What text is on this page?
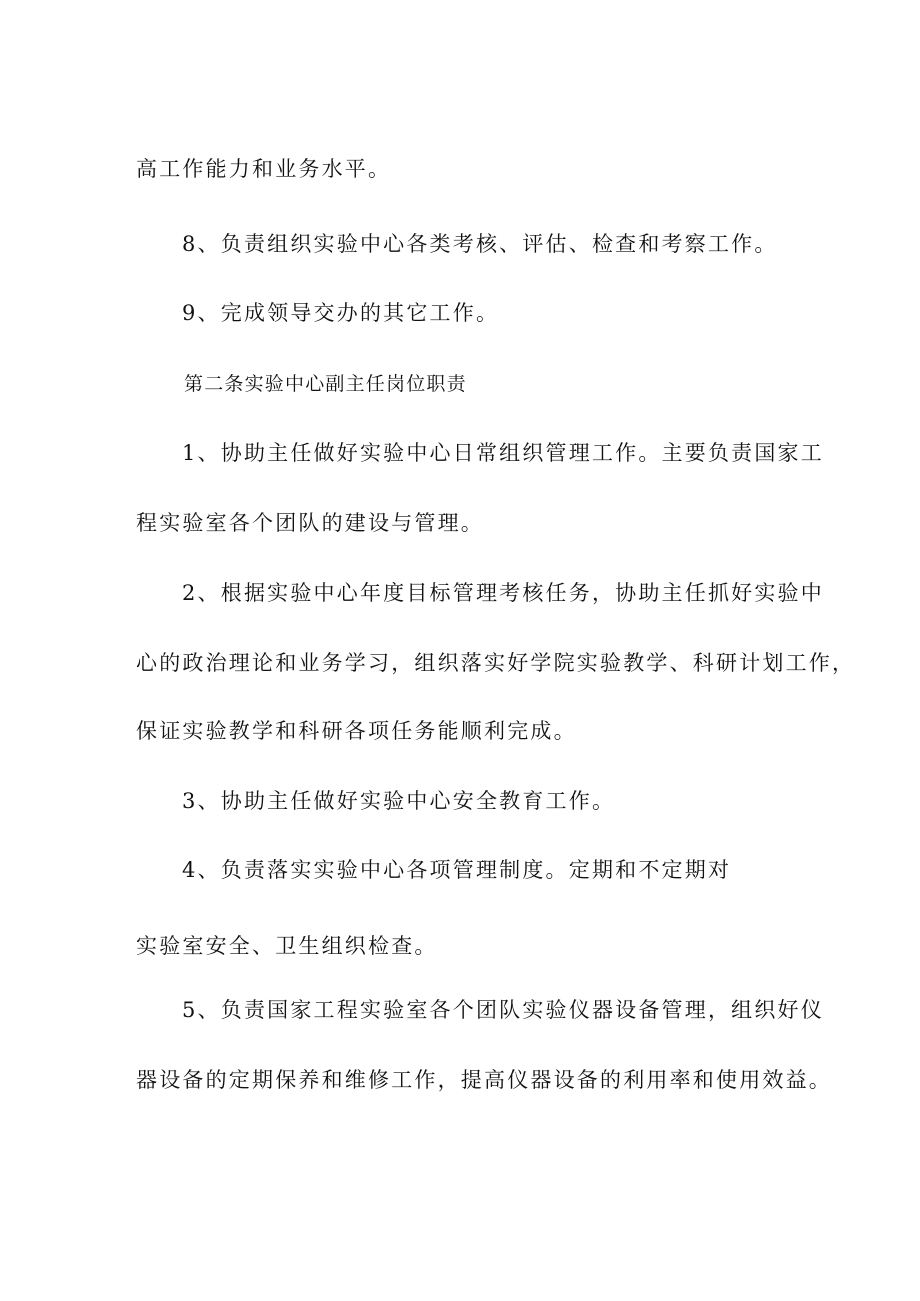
高工作能力和业务水平。
8、负责组织实验中心各类考核、评估、检查和考察工作。
9、完成领导交办的其它工作。
第二条实验中心副主任岗位职责
1、协助主任做好实验中心日常组织管理工作。主要负责国家工
程实验室各个团队的建设与管理。
2、根据实验中心年度目标管理考核任务，协助主任抓好实验中
心的政治理论和业务学习，组织落实好学院实验教学、科研计划工作，
保证实验教学和科研各项任务能顺利完成。
3、协助主任做好实验中心安全教育工作。
4、负责落实实验中心各项管理制度。定期和不定期对
实验室安全、卫生组织检查。
5、负责国家工程实验室各个团队实验仪器设备管理，组织好仪
器设备的定期保养和维修工作，提高仪器设备的利用率和使用效益。
